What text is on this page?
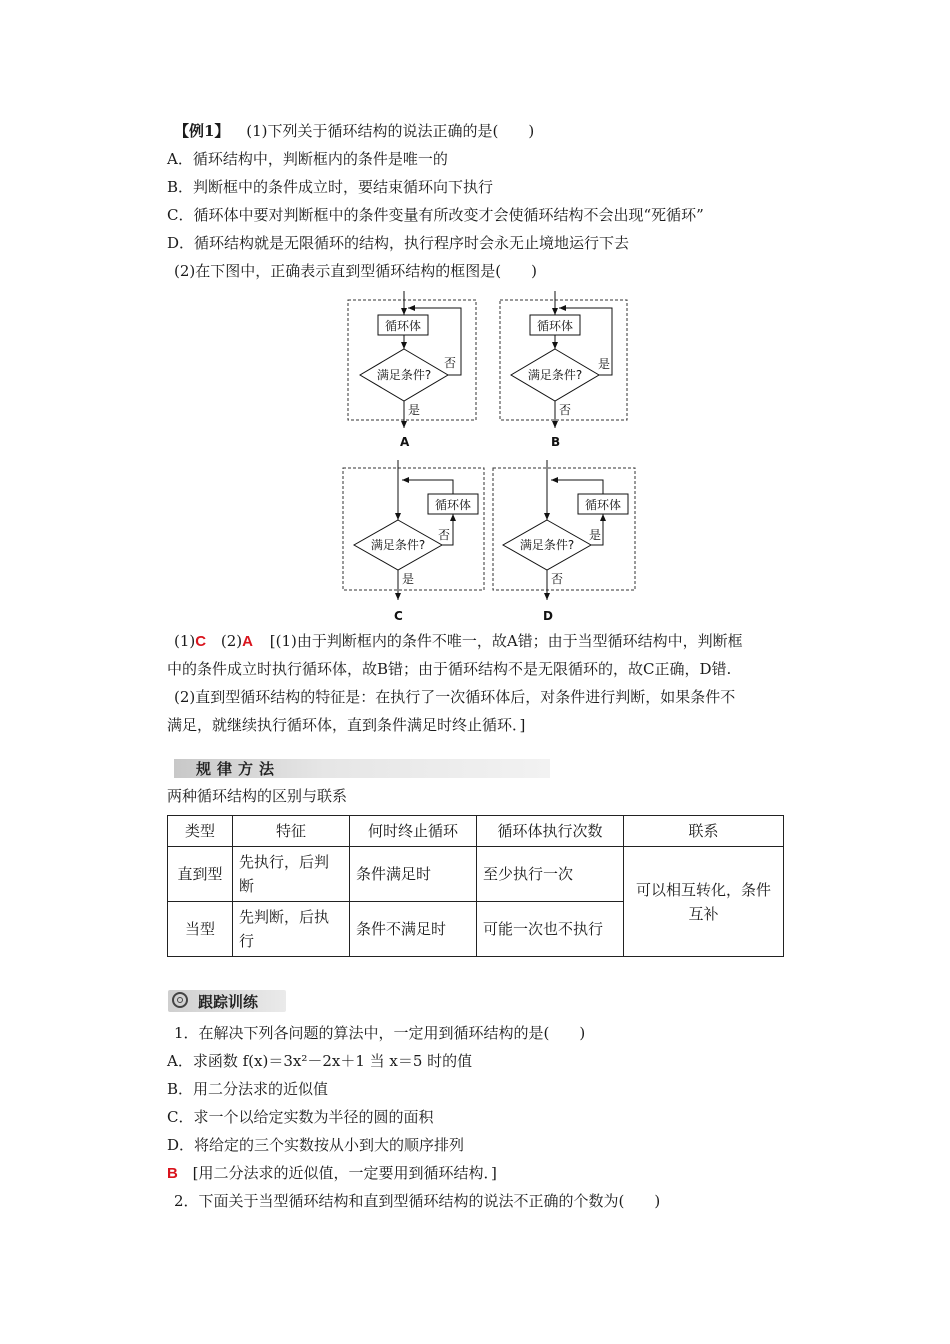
【例1】 (1)下列关于循环结构的说法正确的是(　　)
A．循环结构中，判断框内的条件是唯一的
B．判断框中的条件成立时，要结束循环向下执行
C．循环体中要对判断框中的条件变量有所改变才会使循环结构不会出现“死循环”
D．循环结构就是无限循环的结构，执行程序时会永无止境地运行下去
(2)在下图中，正确表示直到型循环结构的框图是(　　)
循环体
满足条件?
否
是
A
循环体
满足条件?
是
否
B
循环体
满足条件?
否
是
C
循环体
满足条件?
是
否
D
(1)C (2)A [(1)由于判断框内的条件不唯一，故A错；由于当型循环结构中，判断框
中的条件成立时执行循环体，故B错；由于循环结构不是无限循环的，故C正确，D错.
(2)直到型循环结构的特征是：在执行了一次循环体后，对条件进行判断，如果条件不
满足，就继续执行循环体，直到条件满足时终止循环．]
规律方法
两种循环结构的区别与联系
类型	特征	何时终止循环	循环体执行次数	联系
直到型	先执行，后判断	条件满足时	至少执行一次	可以相互转化，条件互补
当型	先判断，后执行	条件不满足时	可能一次也不执行	
跟踪训练
1．在解决下列各问题的算法中，一定用到循环结构的是(　　)
A．求函数 f(x)＝3x²－2x＋1 当 x＝5 时的值
B．用二分法求的近似值
C．求一个以给定实数为半径的圆的面积
D．将给定的三个实数按从小到大的顺序排列
B [用二分法求的近似值，一定要用到循环结构．]
2．下面关于当型循环结构和直到型循环结构的说法不正确的个数为(　　)
